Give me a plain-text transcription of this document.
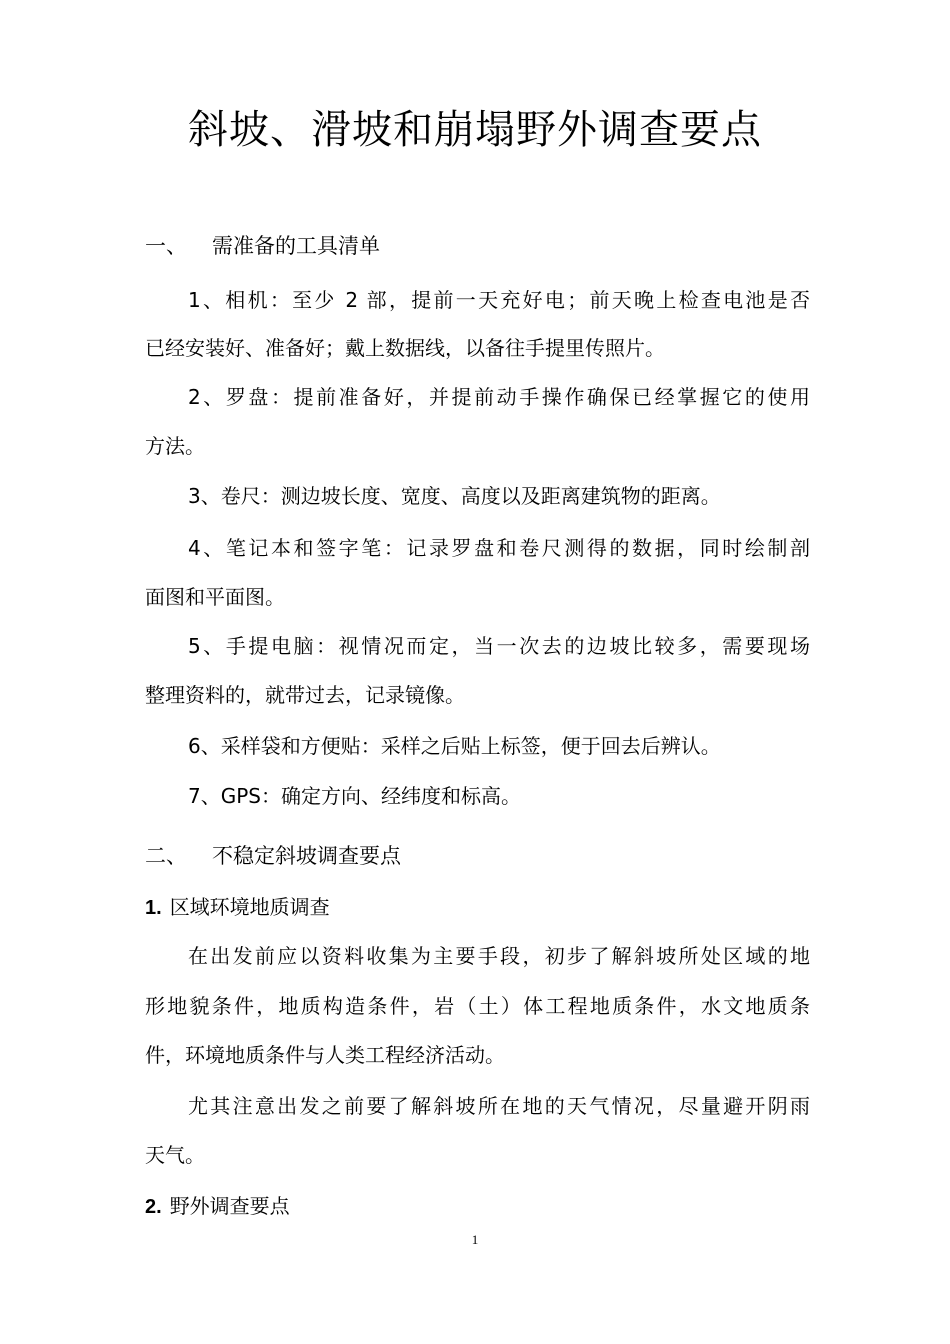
斜坡、滑坡和崩塌野外调查要点

一、 需准备的工具清单

1、相机：至少 2 部，提前一天充好电；前天晚上检查电池是否

已经安装好、准备好；戴上数据线，以备往手提里传照片。

2、罗盘：提前准备好，并提前动手操作确保已经掌握它的使用

方法。

3、卷尺：测边坡长度、宽度、高度以及距离建筑物的距离。

4、笔记本和签字笔：记录罗盘和卷尺测得的数据，同时绘制剖

面图和平面图。

5、手提电脑：视情况而定，当一次去的边坡比较多，需要现场

整理资料的，就带过去，记录镜像。

6、采样袋和方便贴：采样之后贴上标签，便于回去后辨认。

7、GPS：确定方向、经纬度和标高。

二、 不稳定斜坡调查要点

1. 区域环境地质调查

在出发前应以资料收集为主要手段，初步了解斜坡所处区域的地

形地貌条件，地质构造条件，岩（土）体工程地质条件，水文地质条

件，环境地质条件与人类工程经济活动。

尤其注意出发之前要了解斜坡所在地的天气情况，尽量避开阴雨

天气。

2. 野外调查要点

1
